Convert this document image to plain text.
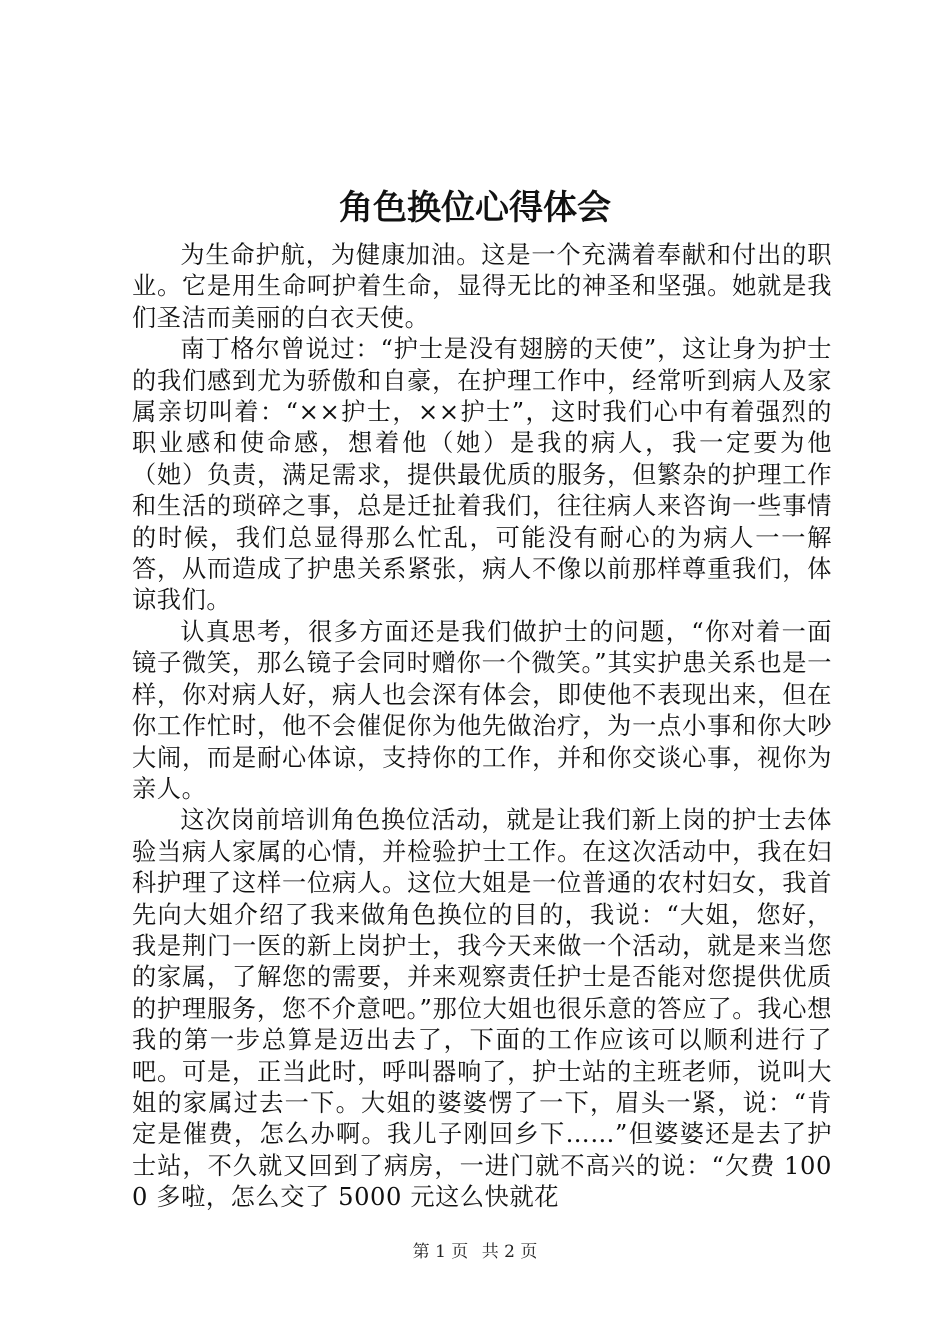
角色换位心得体会

为生命护航，为健康加油。这是一个充满着奉献和付出的职业。它是用生命呵护着生命，显得无比的神圣和坚强。她就是我们圣洁而美丽的白衣天使。

南丁格尔曾说过：“护士是没有翅膀的天使”，这让身为护士的我们感到尤为骄傲和自豪，在护理工作中，经常听到病人及家属亲切叫着：“××护士，××护士”，这时我们心中有着强烈的职业感和使命感，想着他（她）是我的病人，我一定要为他（她）负责，满足需求，提供最优质的服务，但繁杂的护理工作和生活的琐碎之事，总是迁扯着我们，往往病人来咨询一些事情的时候，我们总显得那么忙乱，可能没有耐心的为病人一一解答，从而造成了护患关系紧张，病人不像以前那样尊重我们，体谅我们。

认真思考，很多方面还是我们做护士的问题，“你对着一面镜子微笑，那么镜子会同时赠你一个微笑。”其实护患关系也是一样，你对病人好，病人也会深有体会，即使他不表现出来，但在你工作忙时，他不会催促你为他先做治疗，为一点小事和你大吵大闹，而是耐心体谅，支持你的工作，并和你交谈心事，视你为亲人。

这次岗前培训角色换位活动，就是让我们新上岗的护士去体验当病人家属的心情，并检验护士工作。在这次活动中，我在妇科护理了这样一位病人。这位大姐是一位普通的农村妇女，我首先向大姐介绍了我来做角色换位的目的，我说：“大姐，您好，我是荆门一医的新上岗护士，我今天来做一个活动，就是来当您的家属，了解您的需要，并来观察责任护士是否能对您提供优质的护理服务，您不介意吧。”那位大姐也很乐意的答应了。我心想我的第一步总算是迈出去了，下面的工作应该可以顺利进行了吧。可是，正当此时，呼叫器响了，护士站的主班老师，说叫大姐的家属过去一下。大姐的婆婆愣了一下，眉头一紧，说：“肯定是催费，怎么办啊。我儿子刚回乡下……”但婆婆还是去了护士站，不久就又回到了病房，一进门就不高兴的说：“欠费 1000 多啦，怎么交了 5000 元这么快就花

第 1 页 共 2 页
